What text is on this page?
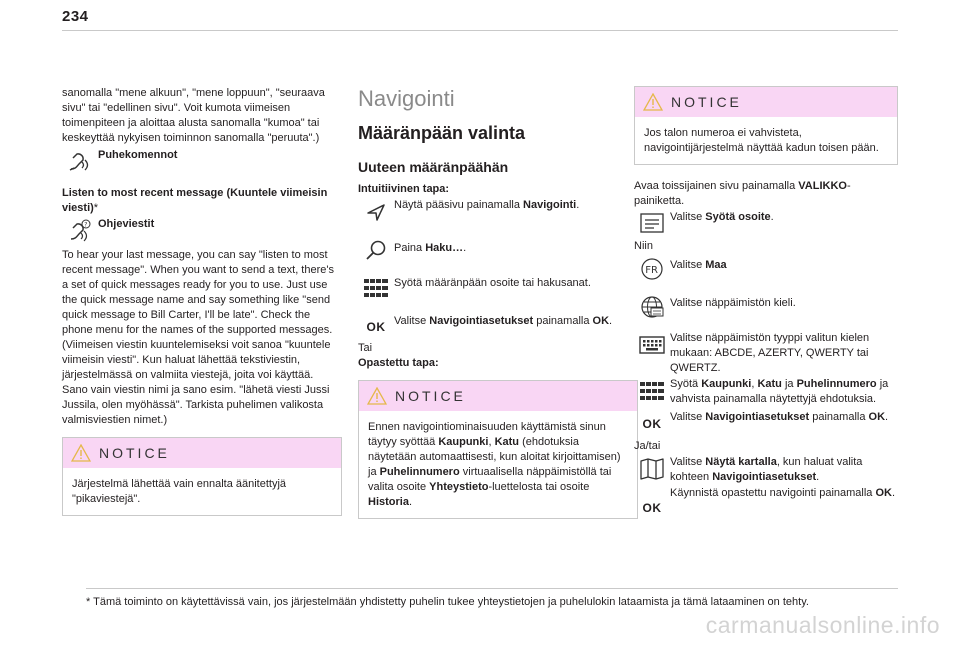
234

sanomalla "mene alkuun", "mene loppuun", "seuraava sivu" tai "edellinen sivu". Voit kumota viimeisen toimenpiteen ja aloittaa alusta sanomalla "kumoa" tai keskeyttää nykyisen toiminnon sanomalla "peruuta".)

Puhekomennot

Listen to most recent message (Kuuntele viimeisin viesti)*

? Ohjeviestit

To hear your last message, you can say "listen to most recent message". When you want to send a text, there's a set of quick messages ready for you to use. Just use the quick message name and say something like "send quick message to Bill Carter, I'll be late". Check the phone menu for the names of the supported messages. (Viimeisen viestin kuuntelemiseksi voit sanoa "kuuntele viimeisin viesti". Kun haluat lähettää tekstiviestin, järjestelmässä on valmiita viestejä, joita voi käyttää. Sano vain viestin nimi ja sano esim. "lähetä viesti Jussi Jussila, olen myöhässä". Tarkista puhelimen valikosta valmisviestien nimet.)

NOTICE
Järjestelmä lähettää vain ennalta äänitettyjä "pikaviestejä".
Navigointi
Määränpään valinta
Uuteen määränpäähän

Intuitiivinen tapa:

Näytä pääsivu painamalla Navigointi.
Paina Haku….
Syötä määränpään osoite tai hakusanat.
OK Valitse Navigointiasetukset painamalla OK.

Tai

Opastettu tapa:

NOTICE
Ennen navigointiominaisuuden käyttämistä sinun täytyy syöttää Kaupunki, Katu (ehdotuksia näytetään automaattisesti, kun aloitat kirjoittamisen) ja Puhelinnumero virtuaalisella näppäimistöllä tai valita osoite Yhteystieto-luettelosta tai osoite Historia.
NOTICE
Jos talon numeroa ei vahvisteta, navigointijärjestelmä näyttää kadun toisen pään.

Avaa toissijainen sivu painamalla VALIKKO-painiketta.

Valitse Syötä osoite.

Niin

FR Valitse Maa
Valitse näppäimistön kieli.
Valitse näppäimistön tyyppi valitun kielen mukaan: ABCDE, AZERTY, QWERTY tai QWERTZ.
Syötä Kaupunki, Katu ja Puhelinnumero ja vahvista painamalla näytettyjä ehdotuksia.
OK Valitse Navigointiasetukset painamalla OK.

Ja/tai

Valitse Näytä kartalla, kun haluat valita kohteen Navigointiasetukset.
OK
Käynnistä opastettu navigointi painamalla OK.
* Tämä toiminto on käytettävissä vain, jos järjestelmään yhdistetty puhelin tukee yhteystietojen ja puhelulokin lataamista ja tämä lataaminen on tehty.
carmanualsonline.info
